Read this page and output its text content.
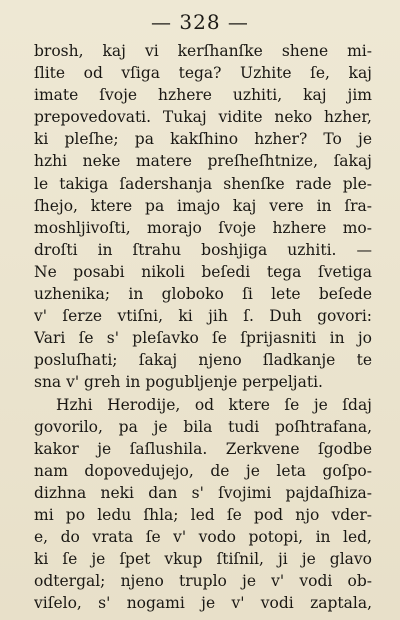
— 328 —
brosh, kaj vi kerſhanſke shene mi-
ſlite od vſiga tega? Uzhite ſe, kaj
imate ſvoje hzhere uzhiti, kaj jim
prepovedovati. Tukaj vidite neko hzher,
ki pleſhe; pa kakſhino hzher? To je
hzhi neke matere preſheſhtnize, ſakaj
le takiga ſadershanja shenſke rade ple-
ſhejo, ktere pa imajo kaj vere in ſra-
moshljivoſti, morajo ſvoje hzhere mo-
droſti in ſtrahu boshjiga uzhiti. —
Ne posabi nikoli beſedi tega ſvetiga
uzhenika; in globoko ſi lete beſede
v' ſerze vtiſni, ki jih ſ. Duh govori:
Vari ſe s' pleſavko ſe ſprijasniti in jo
posluſhati; ſakaj njeno ſladkanje te
sna v' greh in pogubljenje perpeljati.
Hzhi Herodije, od ktere ſe je ſdaj
govorilo, pa je bila tudi poſhtrafana,
kakor je ſaſlushila. Zerkvene ſgodbe
nam dopovedujejo, de je leta goſpo-
dizhna neki dan s' ſvojimi pajdaſhiza-
mi po ledu ſhla; led ſe pod njo vder-
e, do vrata ſe v' vodo potopi, in led,
ki ſe je ſpet vkup ſtiſnil, ji je glavo
odtergal; njeno truplo je v' vodi ob-
viſelo, s' nogami je v' vodi zaptala,
